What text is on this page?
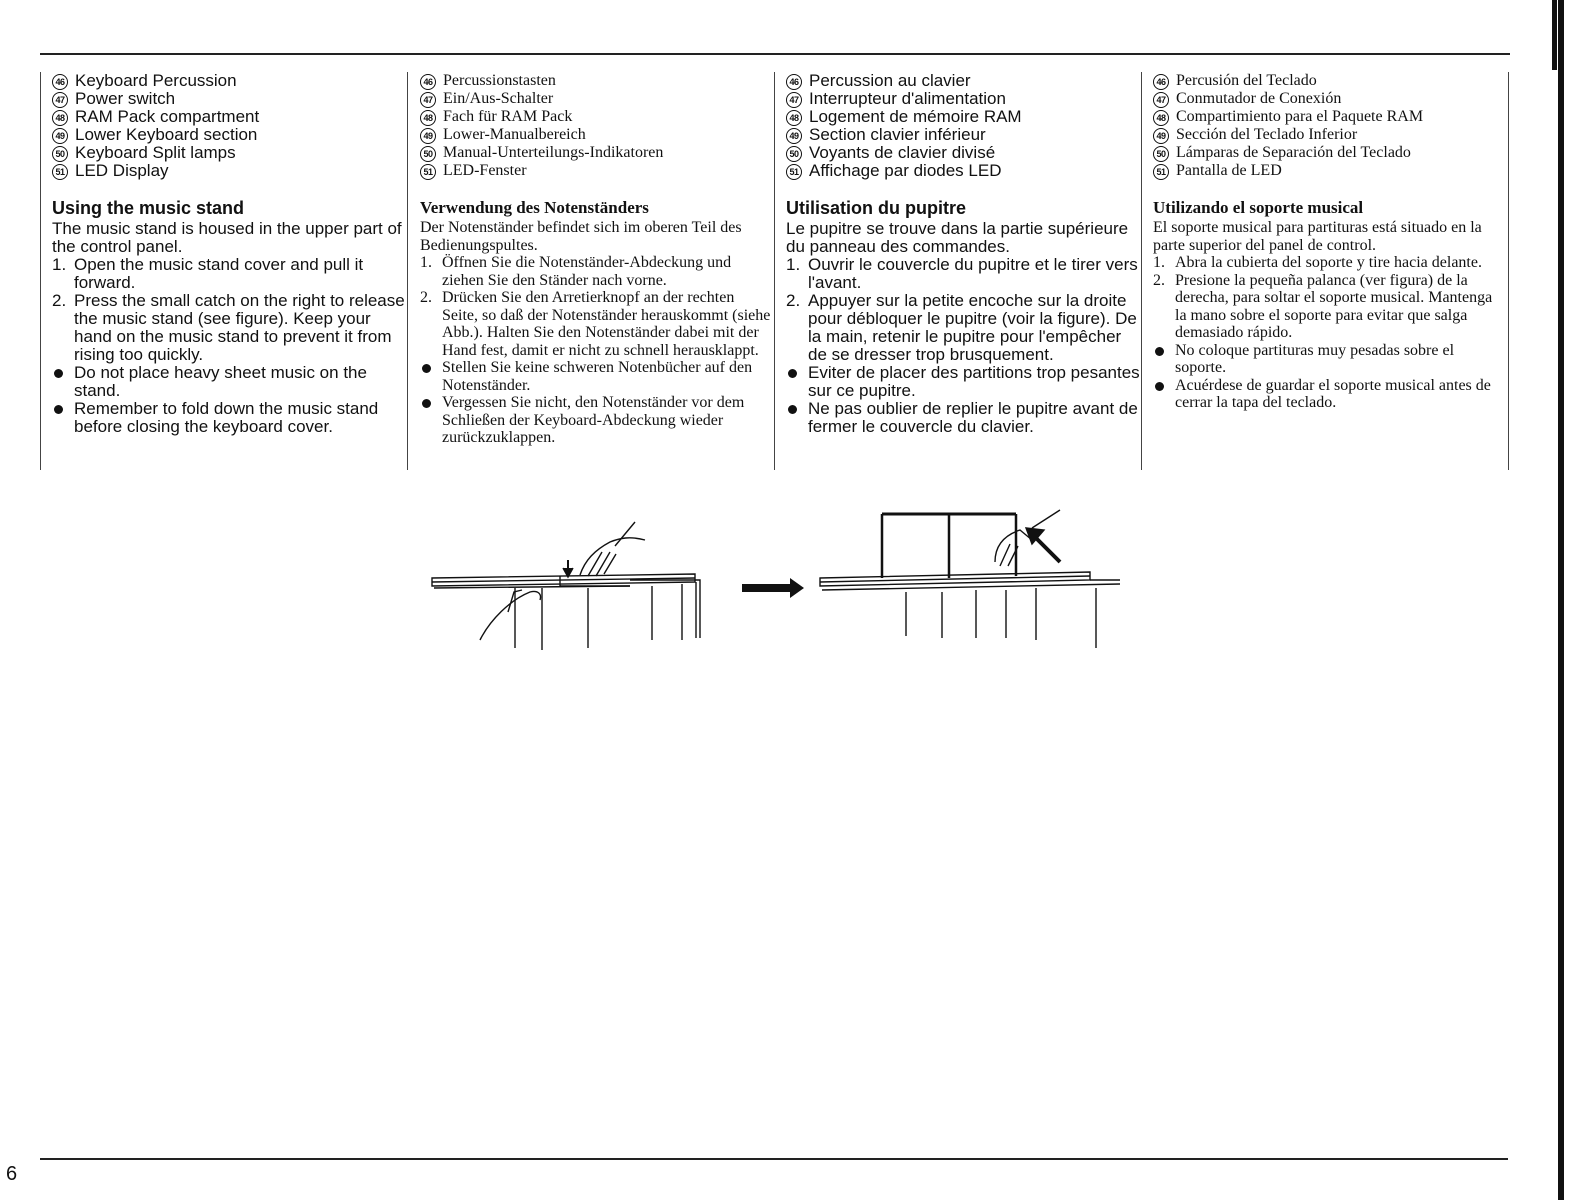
46 Keyboard Percussion
47 Power switch
48 RAM Pack compartment
49 Lower Keyboard section
50 Keyboard Split lamps
51 LED Display
Using the music stand

The music stand is housed in the upper part of the control panel.

1. Open the music stand cover and pull it forward.
2. Press the small catch on the right to release the music stand (see figure). Keep your hand on the music stand to prevent it from rising too quickly.
Do not place heavy sheet music on the stand.
Remember to fold down the music stand before closing the keyboard cover.
46 Percussionstasten
47 Ein/Aus-Schalter
48 Fach für RAM Pack
49 Lower-Manualbereich
50 Manual-Unterteilungs-Indikatoren
51 LED-Fenster
Verwendung des Notenständers

Der Notenständer befindet sich im oberen Teil des Bedienungspultes.

1. Öffnen Sie die Notenständer-Abdeckung und ziehen Sie den Ständer nach vorne.
2. Drücken Sie den Arretierknopf an der rechten Seite, so daß der Notenständer herauskommt (siehe Abb.). Halten Sie den Notenständer dabei mit der Hand fest, damit er nicht zu schnell herausklappt.
Stellen Sie keine schweren Notenbücher auf den Notenständer.
Vergessen Sie nicht, den Notenständer vor dem Schließen der Keyboard-Abdeckung wieder zurückzuklappen.
46 Percussion au clavier
47 Interrupteur d'alimentation
48 Logement de mémoire RAM
49 Section clavier inférieur
50 Voyants de clavier divisé
51 Affichage par diodes LED
Utilisation du pupitre

Le pupitre se trouve dans la partie supérieure du panneau des commandes.

1. Ouvrir le couvercle du pupitre et le tirer vers l'avant.
2. Appuyer sur la petite encoche sur la droite pour débloquer le pupitre (voir la figure). De la main, retenir le pupitre pour l'empêcher de se dresser trop brusquement.
Eviter de placer des partitions trop pesantes sur ce pupitre.
Ne pas oublier de replier le pupitre avant de fermer le couvercle du clavier.
46 Percusión del Teclado
47 Conmutador de Conexión
48 Compartimiento para el Paquete RAM
49 Sección del Teclado Inferior
50 Lámparas de Separación del Teclado
51 Pantalla de LED
Utilizando el soporte musical

El soporte musical para partituras está situado en la parte superior del panel de control.

1. Abra la cubierta del soporte y tire hacia delante.
2. Presione la pequeña palanca (ver figura) de la derecha, para soltar el soporte musical. Mantenga la mano sobre el soporte para evitar que salga demasiado rápido.
No coloque partituras muy pesadas sobre el soporte.
Acuérdese de guardar el soporte musical antes de cerrar la tapa del teclado.
6
